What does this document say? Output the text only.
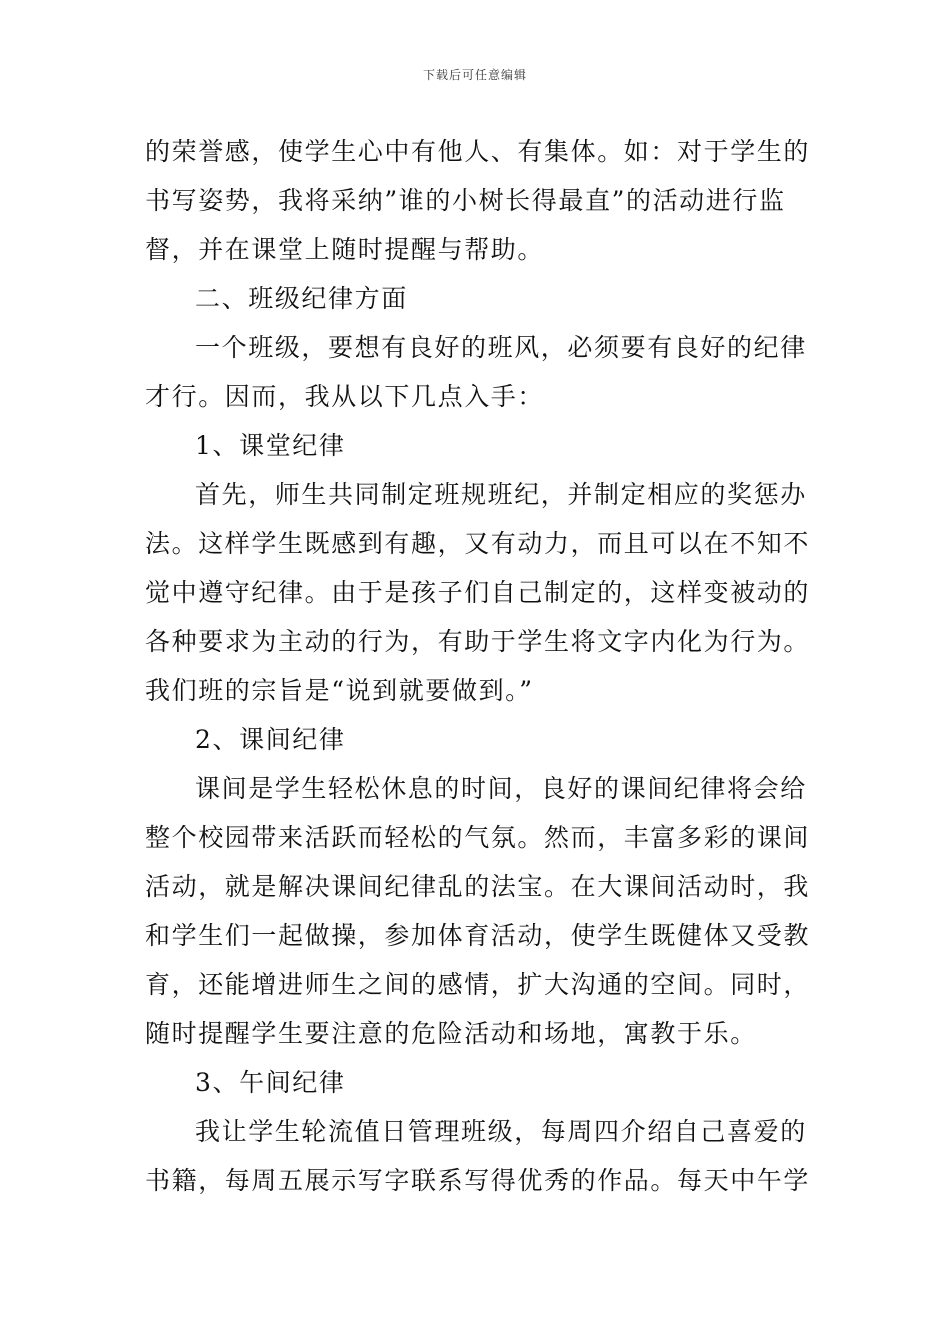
下载后可任意编辑
的荣誉感，使学生心中有他人、有集体。如：对于学生的
书写姿势，我将采纳”谁的小树长得最直”的活动进行监
督，并在课堂上随时提醒与帮助。
二、班级纪律方面
一个班级，要想有良好的班风，必须要有良好的纪律
才行。因而，我从以下几点入手：
1、课堂纪律
首先，师生共同制定班规班纪，并制定相应的奖惩办
法。这样学生既感到有趣，又有动力，而且可以在不知不
觉中遵守纪律。由于是孩子们自己制定的，这样变被动的
各种要求为主动的行为，有助于学生将文字内化为行为。
我们班的宗旨是“说到就要做到。”
2、课间纪律
课间是学生轻松休息的时间，良好的课间纪律将会给
整个校园带来活跃而轻松的气氛。然而，丰富多彩的课间
活动，就是解决课间纪律乱的法宝。在大课间活动时，我
和学生们一起做操，参加体育活动，使学生既健体又受教
育，还能增进师生之间的感情，扩大沟通的空间。同时，
随时提醒学生要注意的危险活动和场地，寓教于乐。
3、午间纪律
我让学生轮流值日管理班级，每周四介绍自己喜爱的
书籍，每周五展示写字联系写得优秀的作品。每天中午学
